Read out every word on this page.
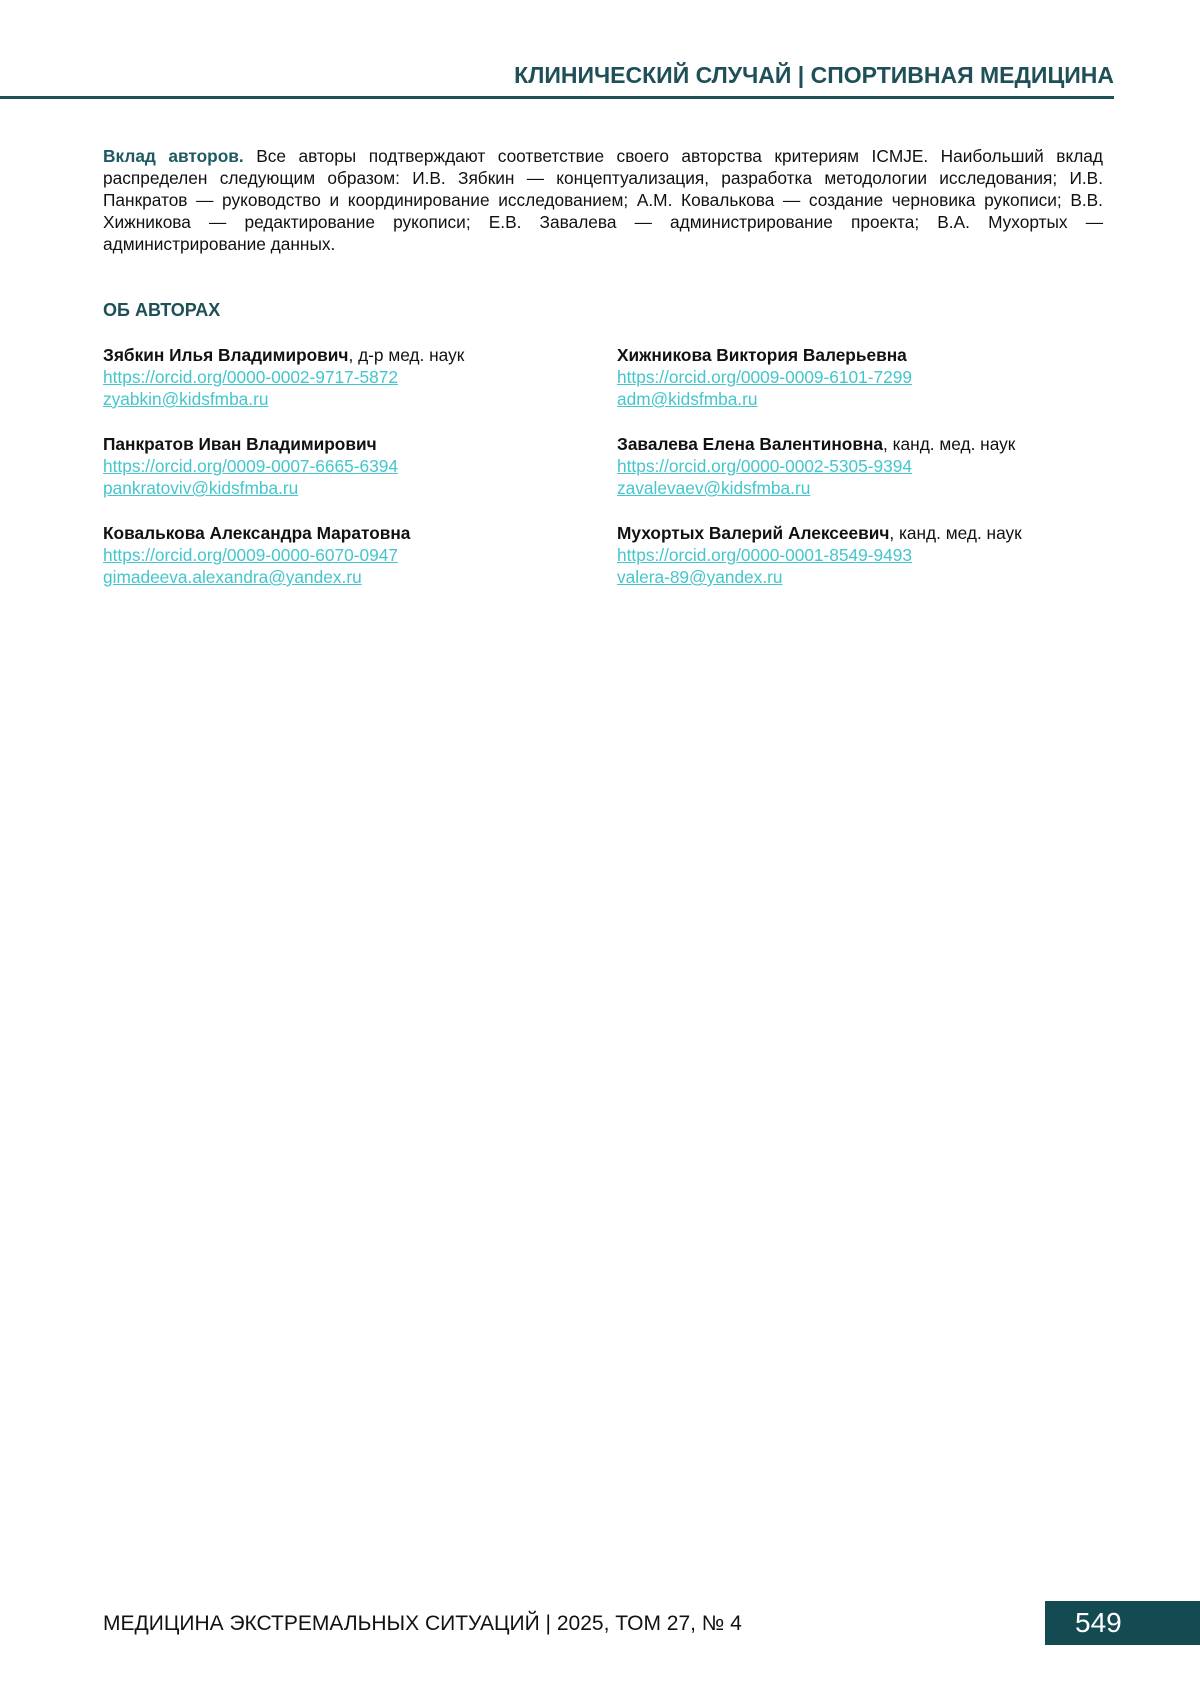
КЛИНИЧЕСКИЙ СЛУЧАЙ | СПОРТИВНАЯ МЕДИЦИНА
Вклад авторов. Все авторы подтверждают соответствие своего авторства критериям ICMJE. Наибольший вклад распределен следующим образом: И.В. Зябкин — концептуализация, разработка методологии исследования; И.В. Панкратов — руководство и координирование исследованием; А.М. Ковалькова — создание черновика рукописи; В.В. Хижникова — редактирование рукописи; Е.В. Завалева — администрирование проекта; В.А. Мухортых — администрирование данных.
ОБ АВТОРАХ
Зябкин Илья Владимирович, д-р мед. наук
https://orcid.org/0000-0002-9717-5872
zyabkin@kidsfmba.ru
Хижникова Виктория Валерьевна
https://orcid.org/0009-0009-6101-7299
adm@kidsfmba.ru
Панкратов Иван Владимирович
https://orcid.org/0009-0007-6665-6394
pankratoviv@kidsfmba.ru
Завалева Елена Валентиновна, канд. мед. наук
https://orcid.org/0000-0002-5305-9394
zavalevaev@kidsfmba.ru
Ковалькова Александра Маратовна
https://orcid.org/0009-0000-6070-0947
gimadeeva.alexandra@yandex.ru
Мухортых Валерий Алексеевич, канд. мед. наук
https://orcid.org/0000-0001-8549-9493
valera-89@yandex.ru
МЕДИЦИНА ЭКСТРЕМАЛЬНЫХ СИТУАЦИЙ | 2025, ТОМ 27, № 4	549
